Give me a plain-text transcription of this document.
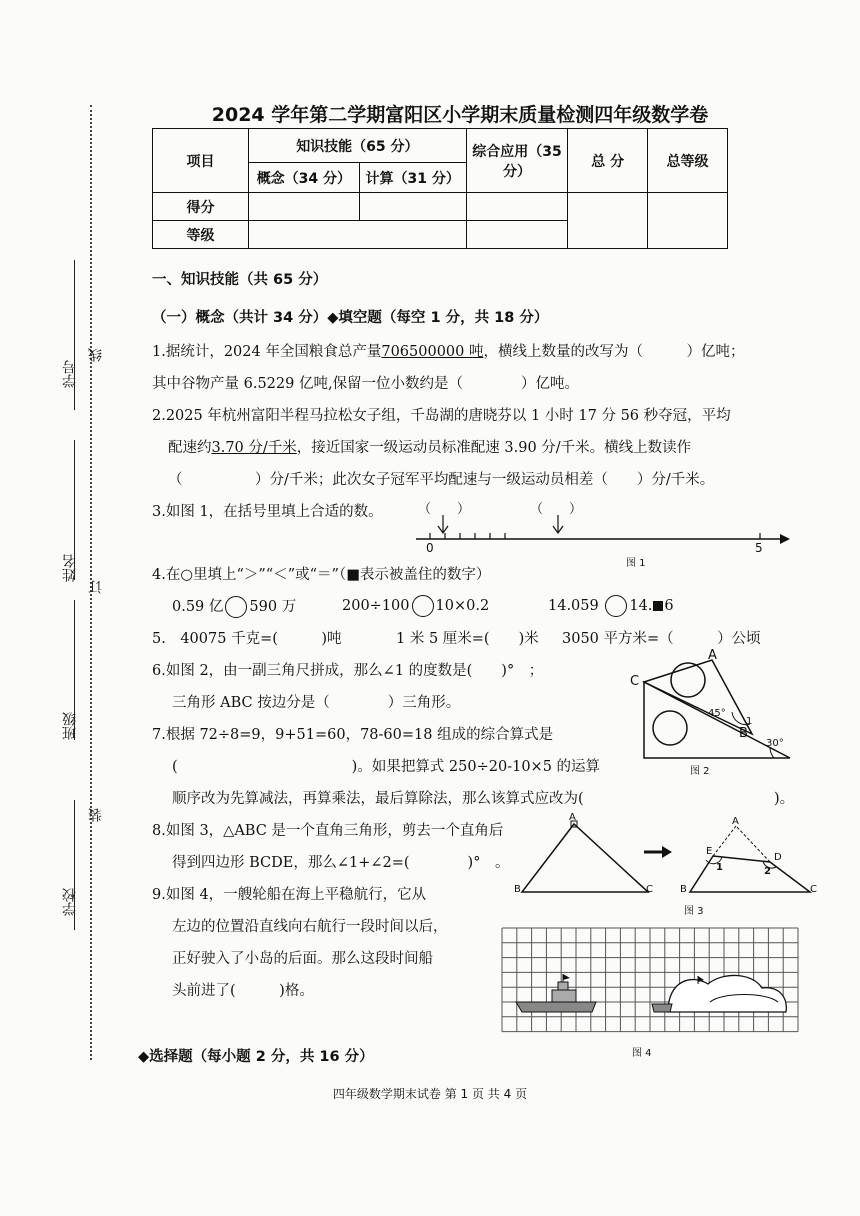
学校
班级
姓名
学号
装
订
线
2024 学年第二学期富阳区小学期末质量检测四年级数学卷
项目	知识技能（65 分）		综合应用（35 分）	总 分	总等级
	概念（34 分）	计算（31 分）			
得分					
等级					
一、知识技能（共 65 分）
（一）概念（共计 34 分）◆填空题（每空 1 分，共 18 分）
1.据统计，2024 年全国粮食总产量706500000 吨，横线上数量的改写为（　　　）亿吨；
其中谷物产量 6.5229 亿吨,保留一位小数约是（　　　　）亿吨。
2.2025 年杭州富阳半程马拉松女子组，千岛湖的唐晓芬以 1 小时 17 分 56 秒夺冠，平均
配速约3.70 分/千米，接近国家一级运动员标准配速 3.90 分/千米。横线上数读作
（　　　　　）分/千米；此次女子冠军平均配速与一级运动员相差（　　）分/千米。
3.如图 1，在括号里填上合适的数。	（　　）	（　　）
0	5
图 1
4.在○里填上“＞”“＜”或“＝”（■表示被盖住的数字）
0.59 亿 590 万	200÷100 10×0.2	14.059 14. 6
5.　40075 千克=(　　　)吨	1 米 5 厘米=(　　)米 3050 平方米=（　　　）公顷
6.如图 2，由一副三角尺拼成，那么∠1 的度数是(　　)°　；
三角形 ABC 按边分是（　　　　）三角形。
A
C
B
45°
1
30°
图 2
7.根据 72÷8=9，9+51=60，78-60=18 组成的综合算式是
(　　　　　　　　　　　　)。如果把算式 250÷20-10×5 的运算
顺序改为先算减法，再算乘法，最后算除法，那么该算式应改为(	)。
8.如图 3，△ABC 是一个直角三角形，剪去一个直角后
得到四边形 BCDE，那么∠1+∠2=(　　　　)°　。
A
B	C
A
E
D
B	C
1	2
图 3
9.如图 4，一艘轮船在海上平稳航行，它从
左边的位置沿直线向右航行一段时间以后，
正好驶入了小岛的后面。那么这段时间船
头前进了(　　　)格。
图 4
◆选择题（每小题 2 分，共 16 分）
四年级数学期末试卷 第 1 页 共 4 页
